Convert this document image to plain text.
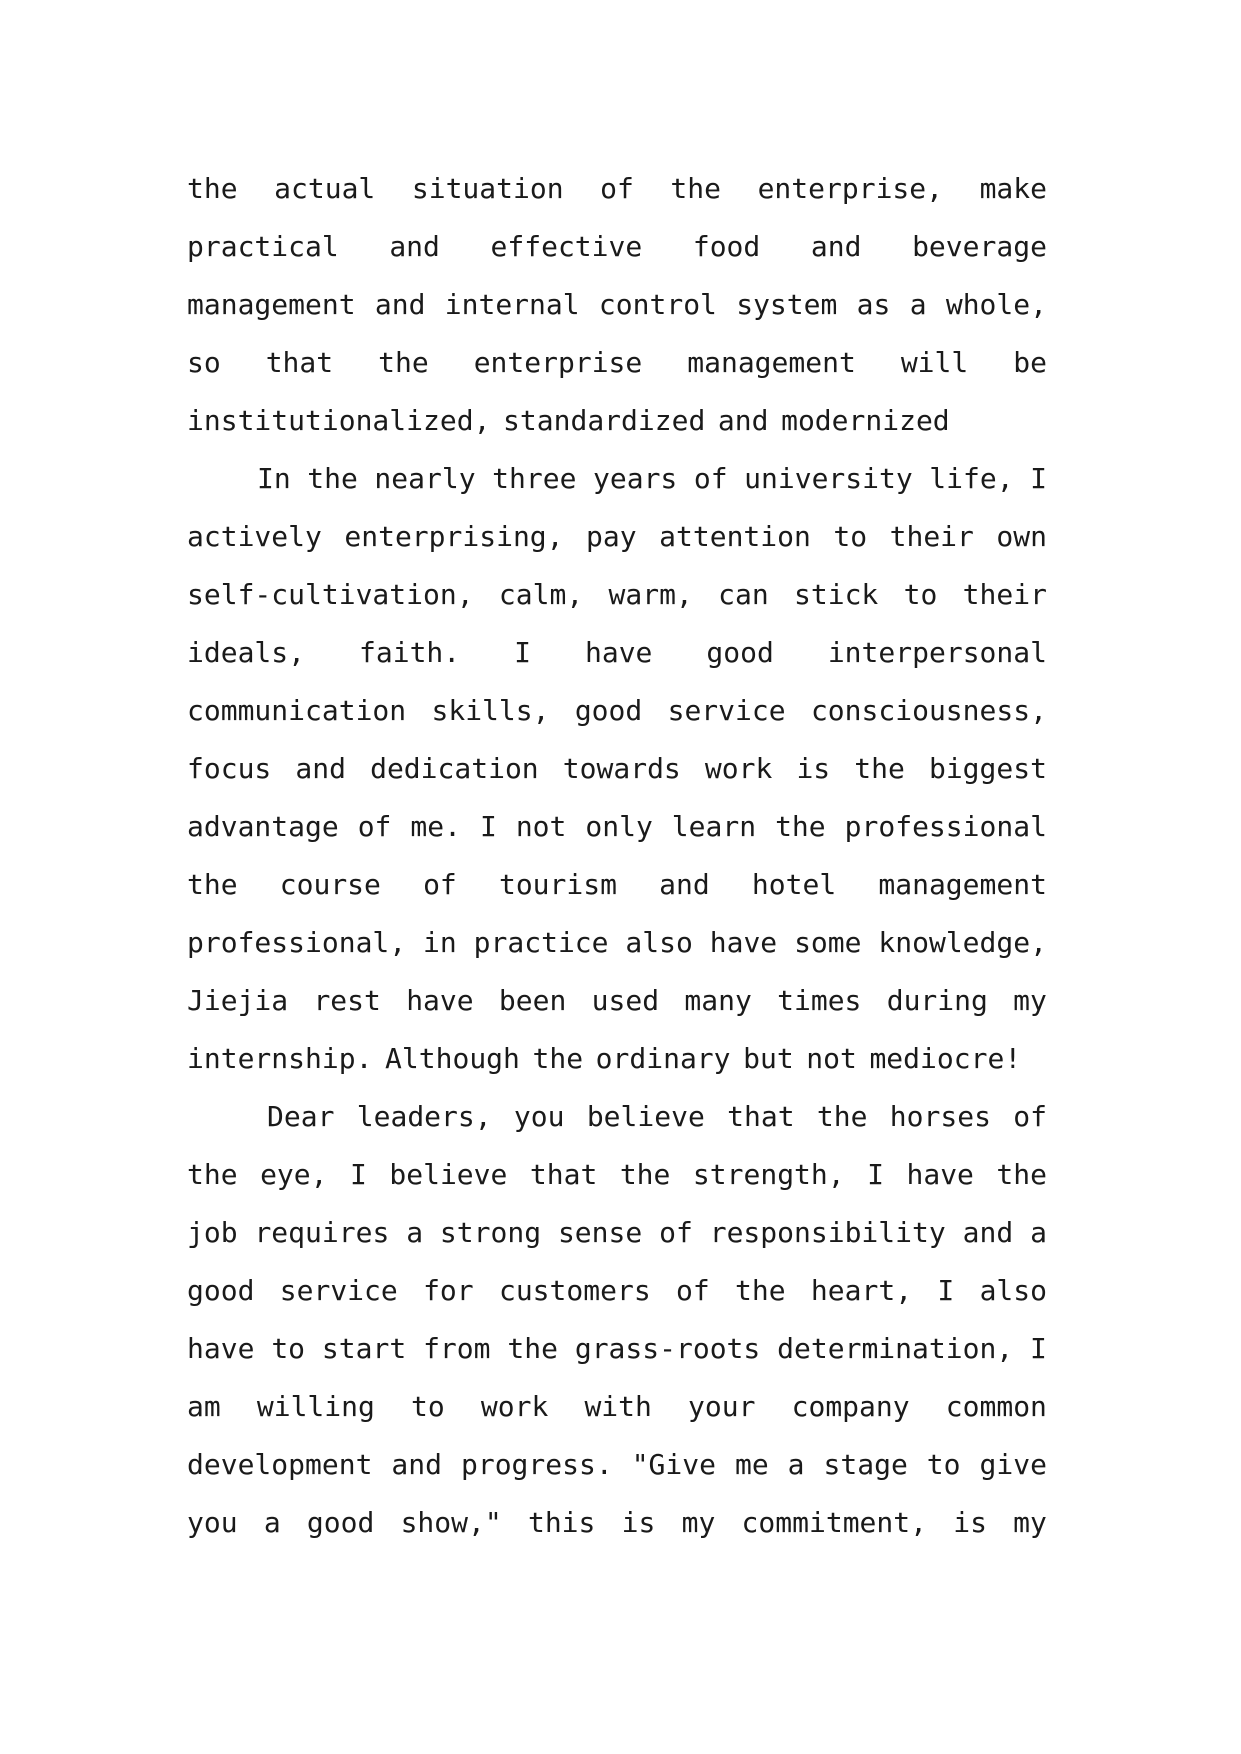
the actual situation of the enterprise, make
practical and effective food and beverage
management and internal control system as a whole,
so that the enterprise management will be
institutionalized, standardized and modernized
In the nearly three years of university life, I
actively enterprising, pay attention to their own
self-cultivation, calm, warm, can stick to their
ideals, faith. I have good interpersonal
communication skills, good service consciousness,
focus and dedication towards work is the biggest
advantage of me. I not only learn the professional
the course of tourism and hotel management
professional, in practice also have some knowledge,
Jiejia rest have been used many times during my
internship. Although the ordinary but not mediocre!
Dear leaders, you believe that the horses of
the eye, I believe that the strength, I have the
job requires a strong sense of responsibility and a
good service for customers of the heart, I also
have to start from the grass-roots determination, I
am willing to work with your company common
development and progress. "Give me a stage to give
you a good show," this is my commitment, is my
